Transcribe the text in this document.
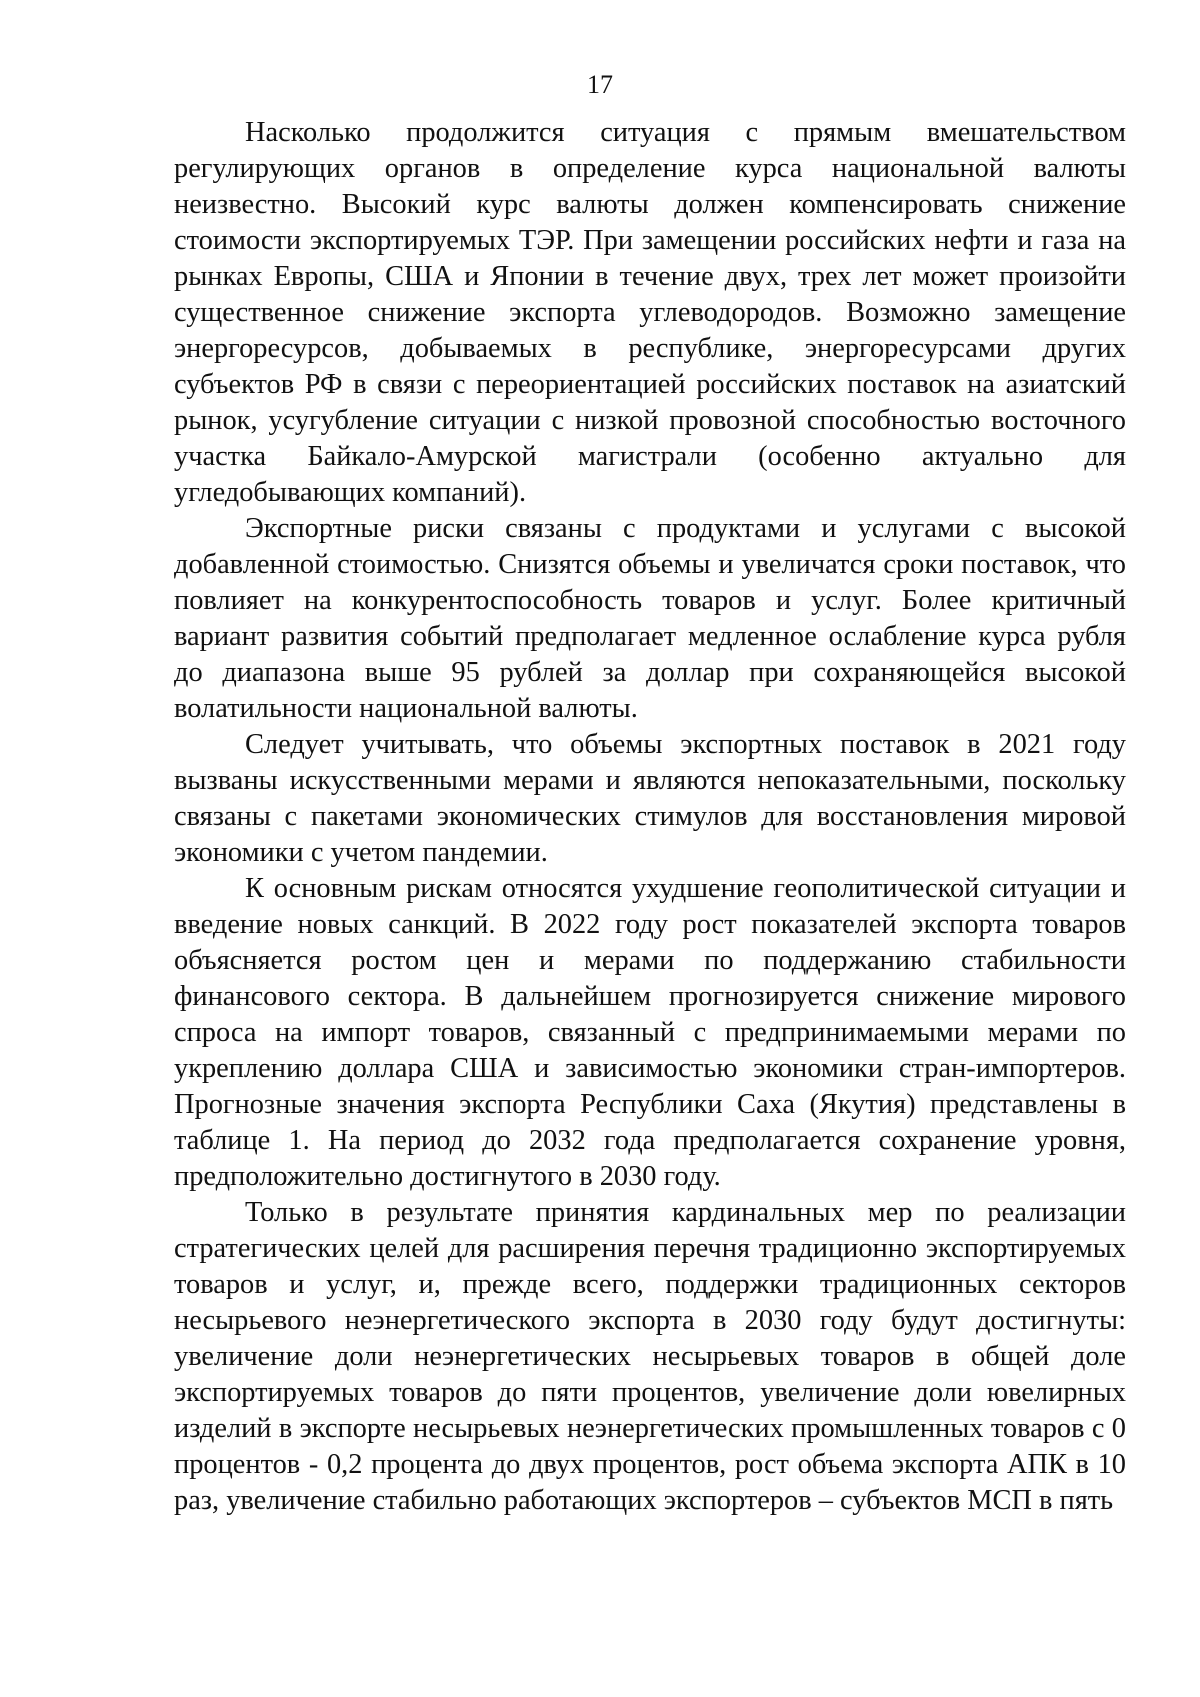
17

Насколько продолжится ситуация с прямым вмешательством регулирующих органов в определение курса национальной валюты неизвестно. Высокий курс валюты должен компенсировать снижение стоимости экспортируемых ТЭР. При замещении российских нефти и газа на рынках Европы, США и Японии в течение двух, трех лет может произойти существенное снижение экспорта углеводородов. Возможно замещение энергоресурсов, добываемых в республике, энергоресурсами других субъектов РФ в связи с переориентацией российских поставок на азиатский рынок, усугубление ситуации с низкой провозной способностью восточного участка Байкало-Амурской магистрали (особенно актуально для угледобывающих компаний).

Экспортные риски связаны с продуктами и услугами с высокой добавленной стоимостью. Снизятся объемы и увеличатся сроки поставок, что повлияет на конкурентоспособность товаров и услуг. Более критичный вариант развития событий предполагает медленное ослабление курса рубля до диапазона выше 95 рублей за доллар при сохраняющейся высокой волатильности национальной валюты.

Следует учитывать, что объемы экспортных поставок в 2021 году вызваны искусственными мерами и являются непоказательными, поскольку связаны с пакетами экономических стимулов для восстановления мировой экономики с учетом пандемии.

К основным рискам относятся ухудшение геополитической ситуации и введение новых санкций. В 2022 году рост показателей экспорта товаров объясняется ростом цен и мерами по поддержанию стабильности финансового сектора. В дальнейшем прогнозируется снижение мирового спроса на импорт товаров, связанный с предпринимаемыми мерами по укреплению доллара США и зависимостью экономики стран-импортеров. Прогнозные значения экспорта Республики Саха (Якутия) представлены в таблице 1. На период до 2032 года предполагается сохранение уровня, предположительно достигнутого в 2030 году.

Только в результате принятия кардинальных мер по реализации стратегических целей для расширения перечня традиционно экспортируемых товаров и услуг, и, прежде всего, поддержки традиционных секторов несырьевого неэнергетического экспорта в 2030 году будут достигнуты: увеличение доли неэнергетических несырьевых товаров в общей доле экспортируемых товаров до пяти процентов, увеличение доли ювелирных изделий в экспорте несырьевых неэнергетических промышленных товаров с 0 процентов - 0,2 процента до двух процентов, рост объема экспорта АПК в 10 раз, увеличение стабильно работающих экспортеров – субъектов МСП в пять
